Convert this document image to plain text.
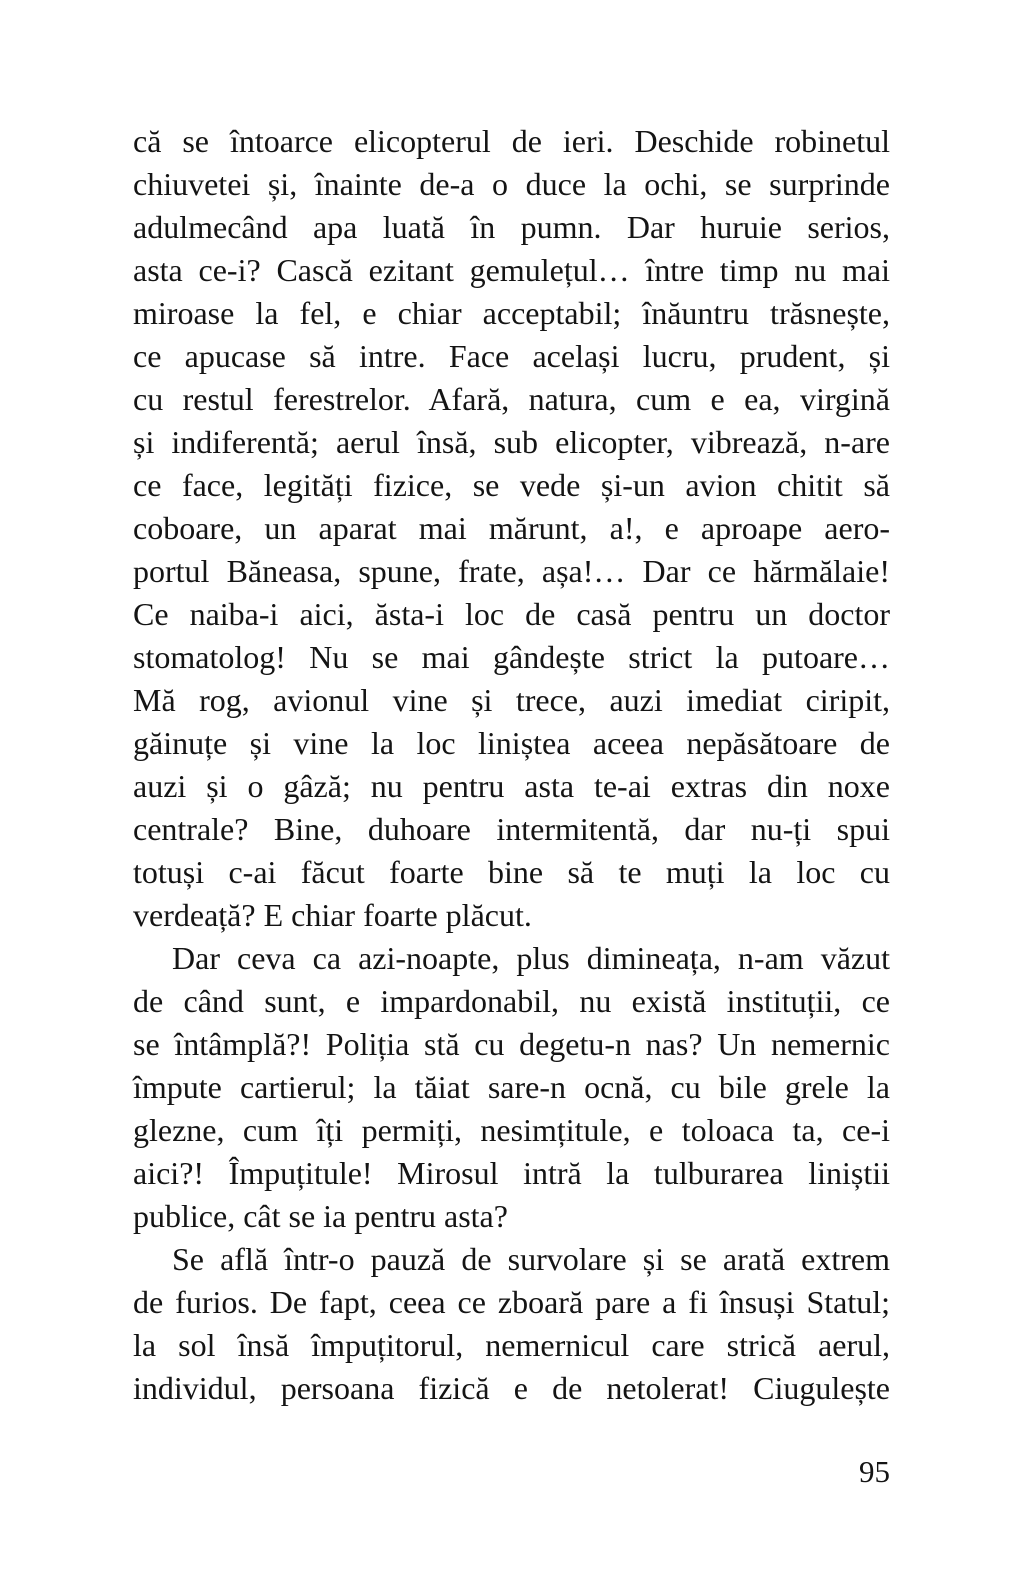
că se întoarce elicopterul de ieri. Deschide robinetul
chiuvetei și, înainte de-a o duce la ochi, se surprinde
adulmecând apa luată în pumn. Dar huruie serios,
asta ce-i? Cască ezitant gemulețul… între timp nu mai
miroase la fel, e chiar acceptabil; înăuntru trăsnește,
ce apucase să intre. Face același lucru, prudent, și
cu restul ferestrelor. Afară, natura, cum e ea, virgină
și indiferentă; aerul însă, sub elicopter, vibrează, n-are
ce face, legități fizice, se vede și-un avion chitit să
coboare, un aparat mai mărunt, a!, e aproape aero-
portul Băneasa, spune, frate, așa!… Dar ce hărmălaie!
Ce naiba-i aici, ăsta-i loc de casă pentru un doctor
stomatolog! Nu se mai gândește strict la putoare…
Mă rog, avionul vine și trece, auzi imediat ciripit,
găinuțe și vine la loc liniștea aceea nepăsătoare de
auzi și o gâză; nu pentru asta te-ai extras din noxe
centrale? Bine, duhoare intermitentă, dar nu-ți spui
totuși c-ai făcut foarte bine să te muți la loc cu
verdeață? E chiar foarte plăcut.
Dar ceva ca azi-noapte, plus dimineața, n-am văzut
de când sunt, e impardonabil, nu există instituții, ce
se întâmplă?! Poliția stă cu degetu-n nas? Un nemernic
împute cartierul; la tăiat sare-n ocnă, cu bile grele la
glezne, cum îți permiți, nesimțitule, e toloaca ta, ce-i
aici?! Împuțitule! Mirosul intră la tulburarea liniștii
publice, cât se ia pentru asta?
Se află într-o pauză de survolare și se arată extrem
de furios. De fapt, ceea ce zboară pare a fi însuși Statul;
la sol însă împuțitorul, nemernicul care strică aerul,
individul, persoana fizică e de netolerat! Ciugulește
95
